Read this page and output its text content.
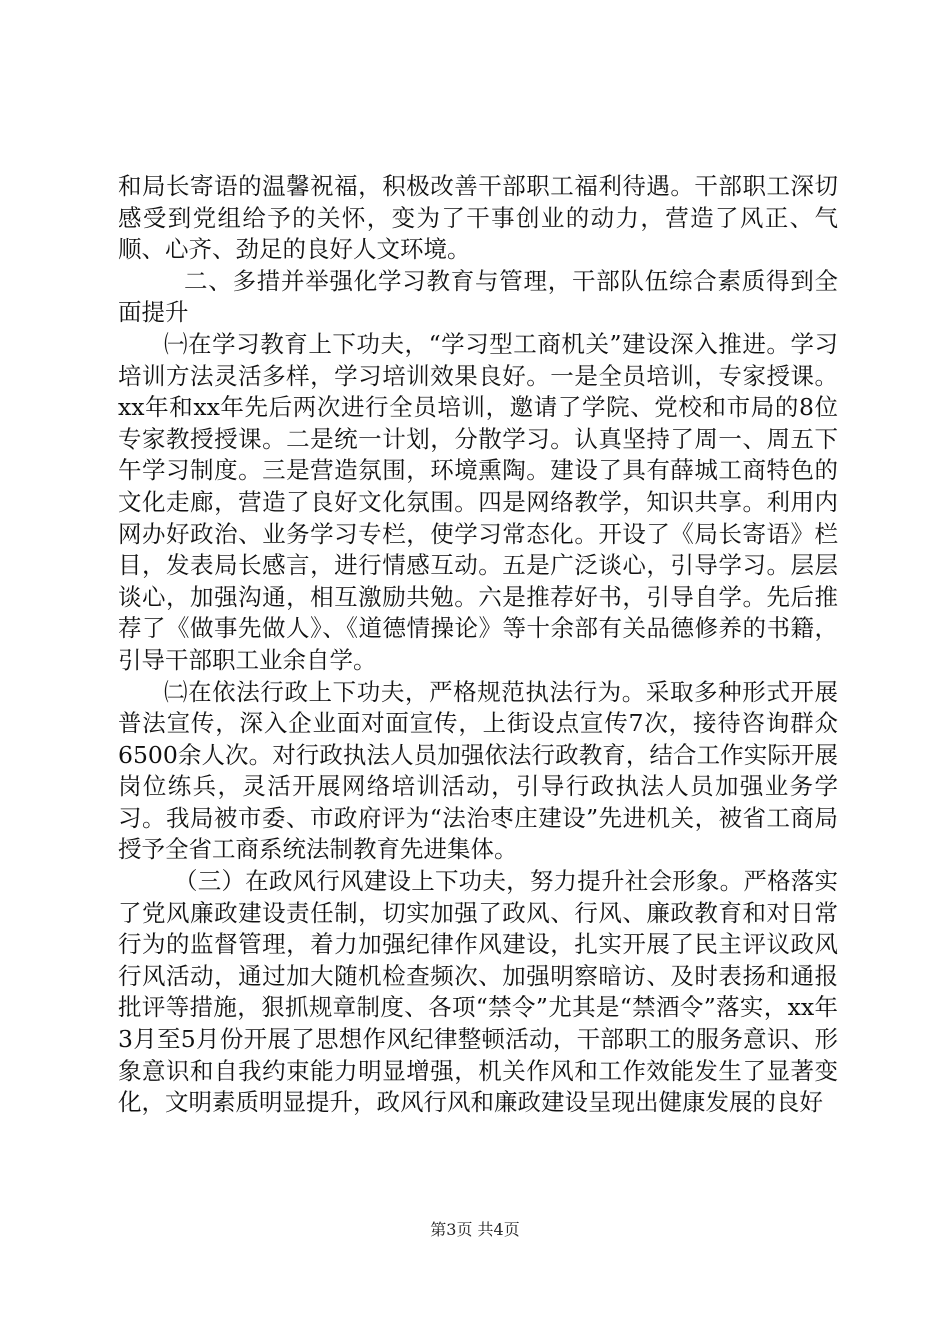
和局长寄语的温馨祝福，积极改善干部职工福利待遇。干部职工深切感受到党组给予的关怀，变为了干事创业的动力，营造了风正、气顺、心齐、劲足的良好人文环境。

二、多措并举强化学习教育与管理，干部队伍综合素质得到全面提升

㈠在学习教育上下功夫，“学习型工商机关”建设深入推进。学习培训方法灵活多样，学习培训效果良好。一是全员培训，专家授课。xx年和xx年先后两次进行全员培训，邀请了学院、党校和市局的8位专家教授授课。二是统一计划，分散学习。认真坚持了周一、周五下午学习制度。三是营造氛围，环境熏陶。建设了具有薛城工商特色的文化走廊，营造了良好文化氛围。四是网络教学，知识共享。利用内网办好政治、业务学习专栏，使学习常态化。开设了《局长寄语》栏目，发表局长感言，进行情感互动。五是广泛谈心，引导学习。层层谈心，加强沟通，相互激励共勉。六是推荐好书，引导自学。先后推荐了《做事先做人》、《道德情操论》等十余部有关品德修养的书籍，引导干部职工业余自学。

㈡在依法行政上下功夫，严格规范执法行为。采取多种形式开展普法宣传，深入企业面对面宣传，上街设点宣传7次，接待咨询群众6500余人次。对行政执法人员加强依法行政教育，结合工作实际开展岗位练兵，灵活开展网络培训活动，引导行政执法人员加强业务学习。我局被市委、市政府评为“法治枣庄建设”先进机关，被省工商局授予全省工商系统法制教育先进集体。

（三）在政风行风建设上下功夫，努力提升社会形象。严格落实了党风廉政建设责任制，切实加强了政风、行风、廉政教育和对日常行为的监督管理，着力加强纪律作风建设，扎实开展了民主评议政风行风活动，通过加大随机检查频次、加强明察暗访、及时表扬和通报批评等措施，狠抓规章制度、各项“禁令”尤其是“禁酒令”落实，xx年3月至5月份开展了思想作风纪律整顿活动，干部职工的服务意识、形象意识和自我约束能力明显增强，机关作风和工作效能发生了显著变化，文明素质明显提升，政风行风和廉政建设呈现出健康发展的良好

第3页 共4页
